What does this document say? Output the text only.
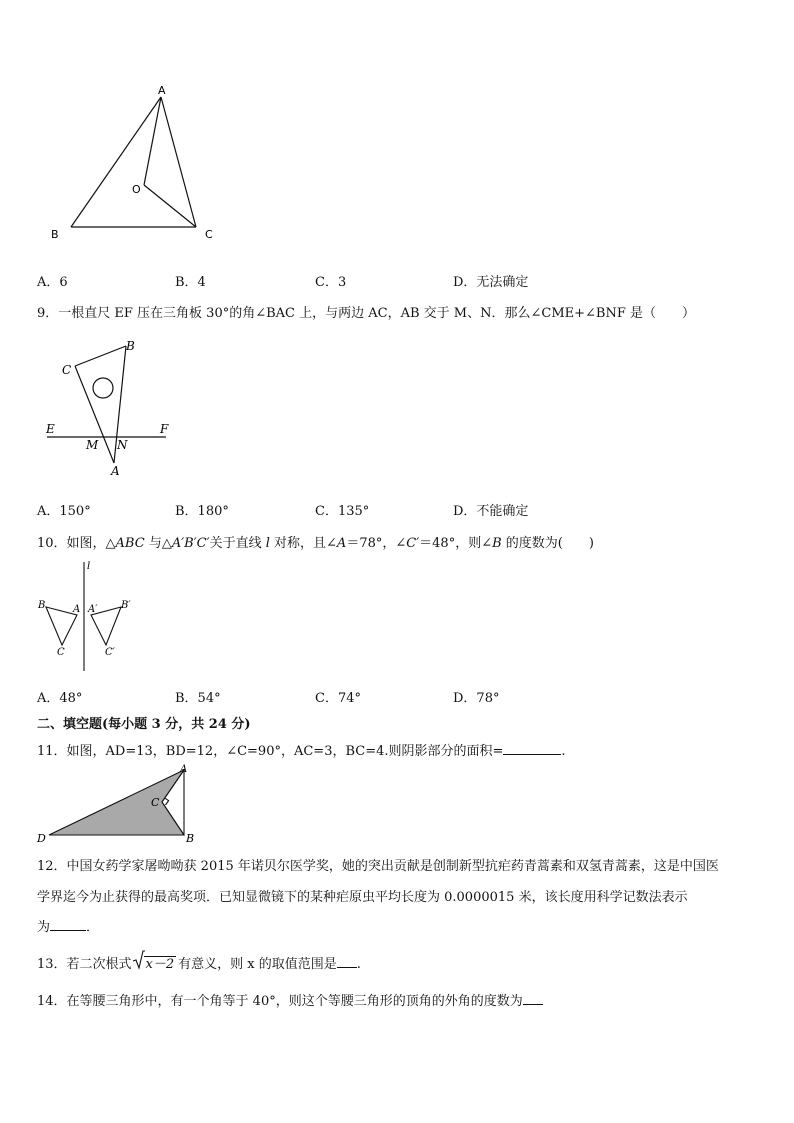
A
B	C
O
A．6	B．4	C．3	D．无法确定
9．一根直尺 EF 压在三角板 30°的角∠BAC 上，与两边 AC，AB 交于 M、N．那么∠CME+∠BNF 是（　　）
C
B
E	F
M N
A
A．150°	B．180°	C．135°	D．不能确定
10．如图，△ABC 与△A′B′C′关于直线 l 对称，且∠A＝78°，∠C′＝48°，则∠B 的度数为(　　)
l
B	A
C
A′ B′
C′
A．48°	B．54°	C．74°	D．78°
二、填空题(每小题 3 分，共 24 分)
11．如图，AD=13，BD=12，∠C=90°，AC=3，BC=4.则阴影部分的面积=	.
A
C
D	B
12．中国女药学家屠呦呦获 2015 年诺贝尔医学奖，她的突出贡献是创制新型抗疟药青蒿素和双氢青蒿素，这是中国医
学界迄今为止获得的最高奖项．已知显微镜下的某种疟原虫平均长度为 0.0000015 米，该长度用科学记数法表示
为	．
13．若二次根式 x－2 有意义，则 x 的取值范围是 .
14．在等腰三角形中，有一个角等于 40°，则这个等腰三角形的顶角的外角的度数为
